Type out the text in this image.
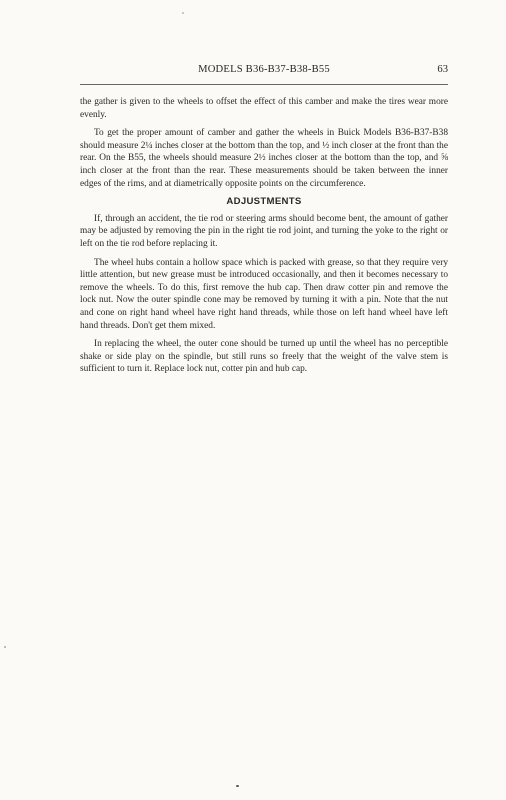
MODELS B36-B37-B38-B55	63

the gather is given to the wheels to offset the effect of this camber and make the tires wear more evenly.

To get the proper amount of camber and gather the wheels in Buick Models B36-B37-B38 should measure 2¼ inches closer at the bottom than the top, and ½ inch closer at the front than the rear. On the B55, the wheels should measure 2½ inches closer at the bottom than the top, and ⅝ inch closer at the front than the rear. These measurements should be taken between the inner edges of the rims, and at diametrically opposite points on the circumference.

ADJUSTMENTS

If, through an accident, the tie rod or steering arms should become bent, the amount of gather may be adjusted by removing the pin in the right tie rod joint, and turning the yoke to the right or left on the tie rod before replacing it.

The wheel hubs contain a hollow space which is packed with grease, so that they require very little attention, but new grease must be introduced occasionally, and then it becomes necessary to remove the wheels. To do this, first remove the hub cap. Then draw cotter pin and remove the lock nut. Now the outer spindle cone may be removed by turning it with a pin. Note that the nut and cone on right hand wheel have right hand threads, while those on left hand wheel have left hand threads. Don't get them mixed.

In replacing the wheel, the outer cone should be turned up until the wheel has no perceptible shake or side play on the spindle, but still runs so freely that the weight of the valve stem is sufficient to turn it. Replace lock nut, cotter pin and hub cap.
